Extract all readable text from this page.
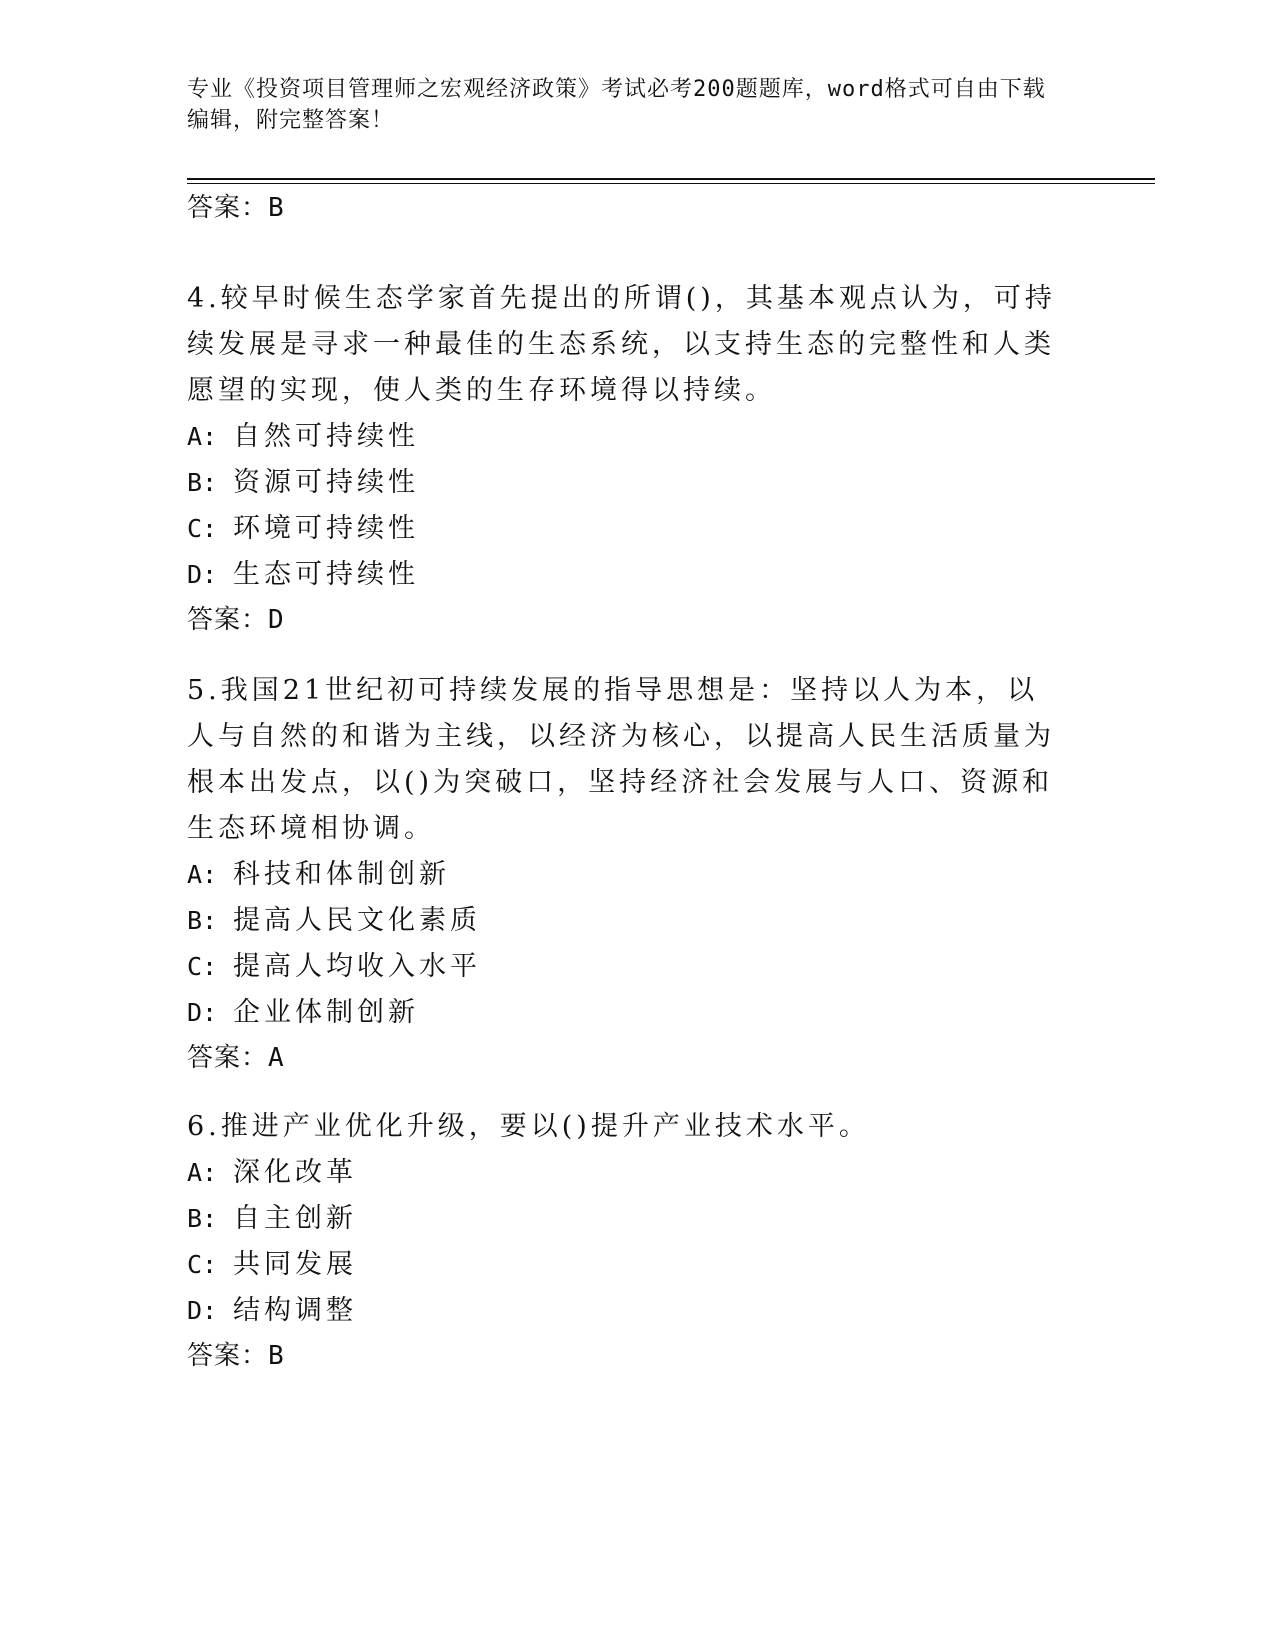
专业《投资项目管理师之宏观经济政策》考试必考200题题库，word格式可自由下载编辑，附完整答案！

答案：B

4.较早时候生态学家首先提出的所谓()，其基本观点认为，可持续发展是寻求一种最佳的生态系统，以支持生态的完整性和人类愿望的实现，使人类的生存环境得以持续。

A: 自然可持续性
B: 资源可持续性
C: 环境可持续性
D: 生态可持续性

答案：D

5.我国21世纪初可持续发展的指导思想是：坚持以人为本，以人与自然的和谐为主线，以经济为核心，以提高人民生活质量为根本出发点，以()为突破口，坚持经济社会发展与人口、资源和生态环境相协调。

A: 科技和体制创新
B: 提高人民文化素质
C: 提高人均收入水平
D: 企业体制创新

答案：A

6.推进产业优化升级，要以()提升产业技术水平。

A: 深化改革
B: 自主创新
C: 共同发展
D: 结构调整

答案：B
